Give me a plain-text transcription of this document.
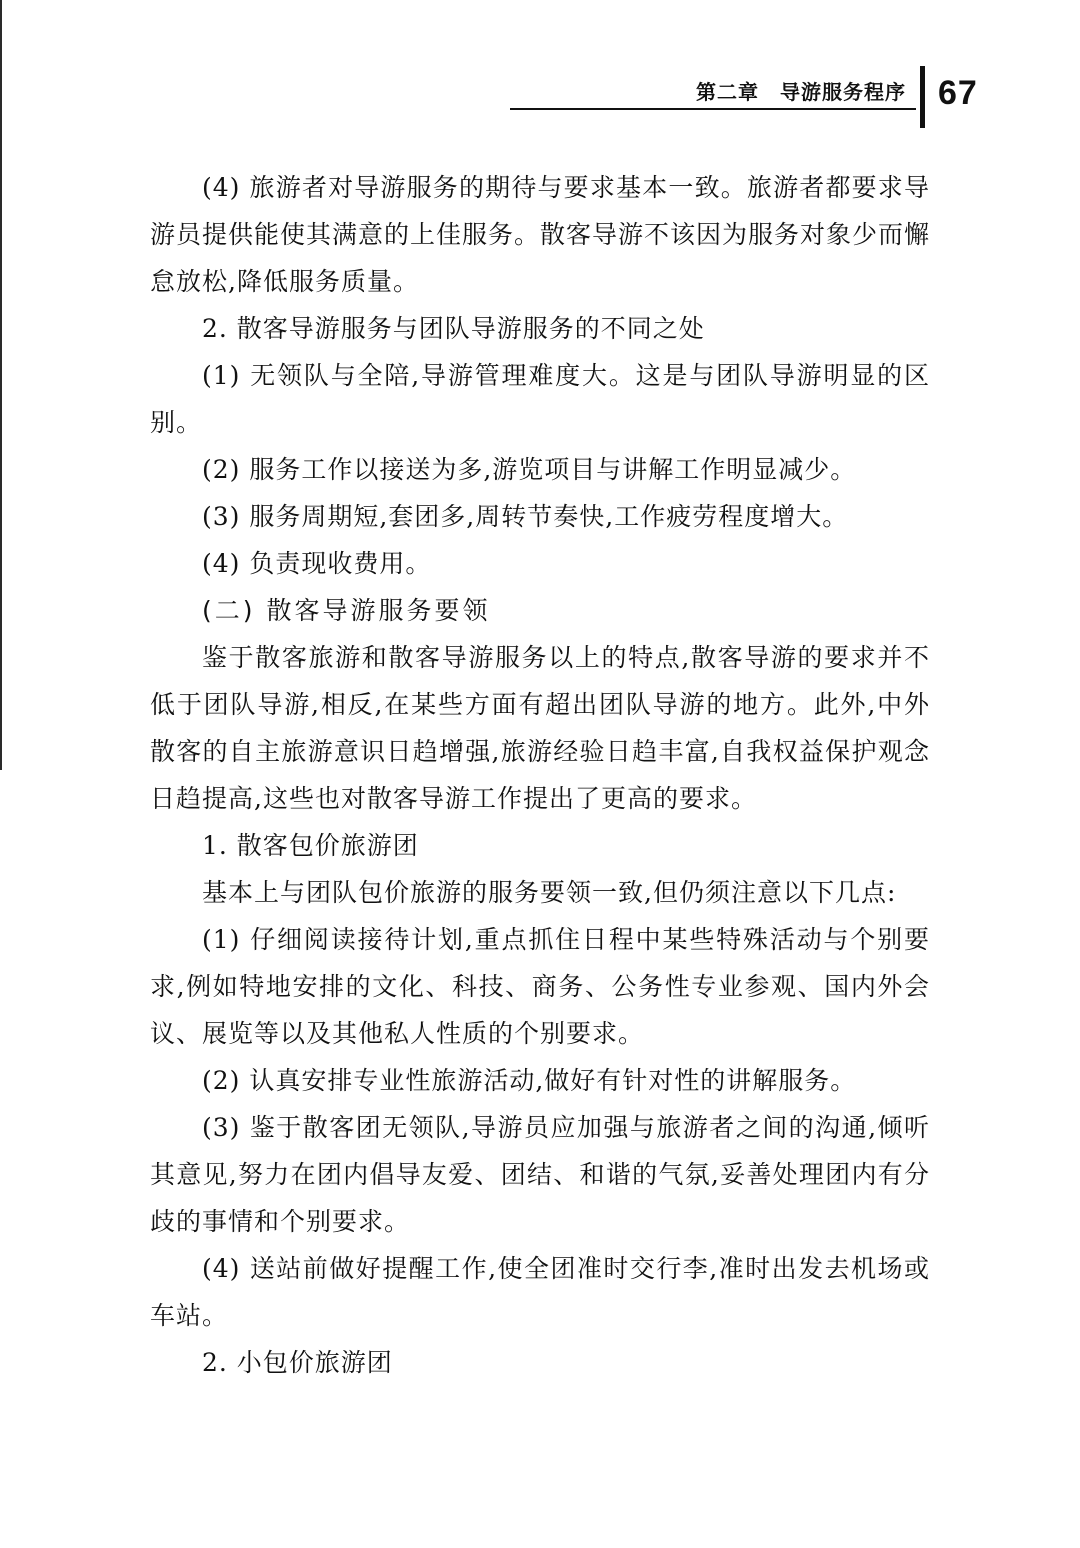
第二章　导游服务程序 67

(4) 旅游者对导游服务的期待与要求基本一致。旅游者都要求导游员提供能使其满意的上佳服务。散客导游不该因为服务对象少而懈怠放松,降低服务质量。

2. 散客导游服务与团队导游服务的不同之处

(1) 无领队与全陪,导游管理难度大。这是与团队导游明显的区别。

(2) 服务工作以接送为多,游览项目与讲解工作明显减少。

(3) 服务周期短,套团多,周转节奏快,工作疲劳程度增大。

(4) 负责现收费用。

(二) 散客导游服务要领

鉴于散客旅游和散客导游服务以上的特点,散客导游的要求并不低于团队导游,相反,在某些方面有超出团队导游的地方。此外,中外散客的自主旅游意识日趋增强,旅游经验日趋丰富,自我权益保护观念日趋提高,这些也对散客导游工作提出了更高的要求。

1. 散客包价旅游团

基本上与团队包价旅游的服务要领一致,但仍须注意以下几点:

(1) 仔细阅读接待计划,重点抓住日程中某些特殊活动与个别要求,例如特地安排的文化、科技、商务、公务性专业参观、国内外会议、展览等以及其他私人性质的个别要求。

(2) 认真安排专业性旅游活动,做好有针对性的讲解服务。

(3) 鉴于散客团无领队,导游员应加强与旅游者之间的沟通,倾听其意见,努力在团内倡导友爱、团结、和谐的气氛,妥善处理团内有分歧的事情和个别要求。

(4) 送站前做好提醒工作,使全团准时交行李,准时出发去机场或车站。

2. 小包价旅游团
